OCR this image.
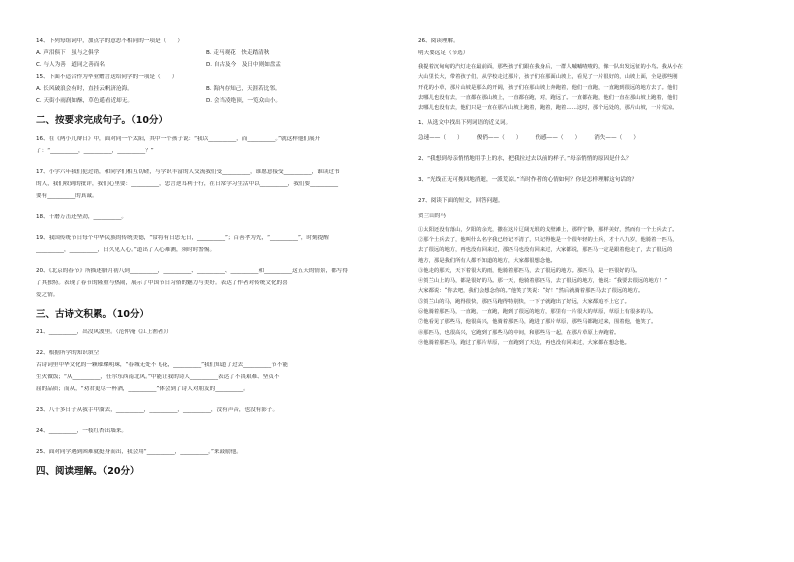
14、下列每组词中，加点字的意思不相同的一项是（　　）
A. 声泪俱下　虽与之俱学	B. 走马观花　快走踏清秋
C. 与人为善　道同之善而名	D. 自古及今　及日中则如盘盂
15、下面不适合作为毕业赠言送给同学的一项是（　　）
A. 长风破浪会有时，直挂云帆济沧海。	B. 海内存知己，天涯若比邻。
C. 天街小雨润如酥，草色遥看近却无。	D. 会当凌绝顶，一览众山小。
二、按要求完成句子。（10分）
16、在《两小儿辩日》中，面对同一个太阳，其中一个孩子说：“我以__________，而__________。”就这样他们展开
了：“__________，__________，__________？”
17、小学六年我们犯过错，和同学们相互切磋，与学识丰富的人交流我们受__________，谁愿意接受__________，谁读过书
的人，我们收到的批评，我们心里要：__________，忠言逆耳利于行，在日常学习生活中以__________，我们要__________
要有__________的真诚。
18、千磨万击还坚劲，__________。
19、我国传统节日每个中华民族的传统美德，“常将有日思无日，__________”；百善孝为先，“__________”，时刻提醒
__________，__________，日久见人心。”道出了人心难测，须时时警惕。
20、《北京的春节》所描述腊月初八到__________，__________、__________、__________和__________这五天的情景，都写得
了其独特。表现了春节的隆重与热闹，展示了中国节日习俗的魅力与美好。表达了作者对传统文化的喜
爱之情。
三、古诗文积累。（10分）
21、__________，出没风波里。（范仲淹《江上渔者》）
22、根据所学的知识填空
古诗词里中华文化的一颗璀璨明珠，“春城无处不飞花，__________”我们知道了过去__________节不能
生火做饭；“从__________，任尔东西南北风。”中能让我的诗人__________表达了不畏艰难、坚贞不
屈的品质；而从，“劝君更尽一杯酒，__________”体会到了诗人对朋友的__________。
23、八千多日子从我手中溜去，__________，__________，__________，没有声音，也没有影子。
24、__________，一枝红杏出墙来。
25、面对同学遇到困难就挺身而出，我会用“__________，__________。”来鼓励他。
四、阅读理解。（20分）
26、阅读理解。
明天要远足（节选）
我提着沉甸甸的汽灯走在最前面，那些孩子们跟在我身后，一群人嘁嘁喳喳的，像一队出发远征的小鸟。我从小在
大山里长大，带着孩子们，从学校走过那片，孩子们在那面山坡上，看见了一片很好的，山坡上面，全是那些刚
开花的小草，那片山坡是那么的开阔，孩子们在那山坡上奔跑着，他们一直跑，一直跑到很远的地方去了。他们
去哪儿也没有去，一直都在那山坡上，一直都在跑，对，跑远了。一直都在跑，他们一直在那山坡上跑着，他们
去哪儿也没有去，他们只是一直在那片山坡上跑着，跑着，跑着……这时，那个远处的，那片山坡，一片荒凉。
1、从选文中找出下列词语的近义词。
急速——（　　）　　　俊俏——（　　）　　　伤感——（　　）　　　消失——（　　）
2、“我想到母亲悄悄地用手上的水，把我拉过去以前的样子。”母亲悄悄的原因是什么？
3、“光线正无可挽回地消逝，一派荒凉。”当时作者的心情如何？你是怎样理解这句话的？
27、阅读下面的短文，回答问题。
贺兰山的马
①太阳还没有落山，夕阳的余光，撒在这片辽阔无垠的戈壁滩上，那样宁静，那样美好，然而有一个士兵去了。
②那个士兵去了，他叫什么名字我已经记不清了，只记得他是一个很年轻的士兵，才十八九岁，他骑着一匹马，
去了很远的地方，再也没有回来过，那匹马也没有回来过，大家都说，那匹马一定是跟着他走了，去了很远的
地方，那是我们所有人都不知道的地方，大家都很想念他。
③他走的那天，天下着很大的雨，他骑着那匹马，去了很远的地方。那匹马，是一匹很好的马。
④贺兰山上的马，都是很好的马。那一天，他骑着那匹马，去了很远的地方，他说：“我要去很远的地方！”
大家都说：“你去吧，我们会想念你的。”他笑了笑说：“好！”然后就骑着那匹马去了很远的地方。
⑤贺兰山的马，跑得很快，那匹马跑得特别快，一下子就跑出了好远，大家都追不上它了。
⑥他骑着那匹马，一直跑，一直跑，跑到了很远的地方，那里有一片很大的草原，草原上有很多的马。
⑦他看见了那些马，他很高兴，他骑着那匹马，跑进了那片草原，那些马都跑过来，围着他，他笑了。
⑧那匹马，也很高兴，它跑到了那些马的中间，和那些马一起，在那片草原上奔跑着。
⑨他骑着那匹马，跑过了那片草原，一直跑到了天边，再也没有回来过，大家都在想念他。
